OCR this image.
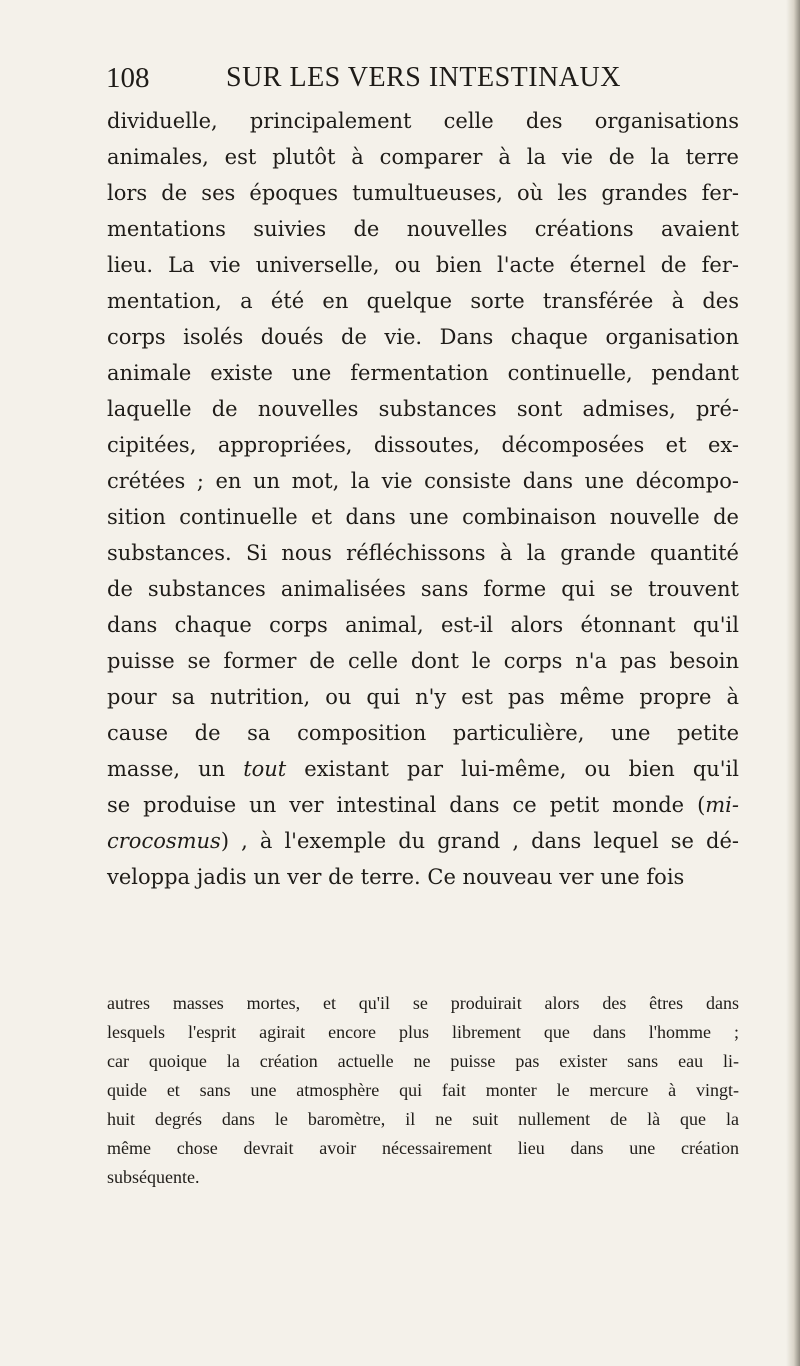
108	SUR LES VERS INTESTINAUX
dividuelle, principalement celle des organisations
animales, est plutôt à comparer à la vie de la terre
lors de ses époques tumultueuses, où les grandes fer-
mentations suivies de nouvelles créations avaient
lieu. La vie universelle, ou bien l'acte éternel de fer-
mentation, a été en quelque sorte transférée à des
corps isolés doués de vie. Dans chaque organisation
animale existe une fermentation continuelle, pendant
laquelle de nouvelles substances sont admises, pré-
cipitées, appropriées, dissoutes, décomposées et ex-
crétées ; en un mot, la vie consiste dans une décompo-
sition continuelle et dans une combinaison nouvelle de
substances. Si nous réfléchissons à la grande quantité
de substances animalisées sans forme qui se trouvent
dans chaque corps animal, est-il alors étonnant qu'il
puisse se former de celle dont le corps n'a pas besoin
pour sa nutrition, ou qui n'y est pas même propre à
cause de sa composition particulière, une petite
masse, un tout existant par lui-même, ou bien qu'il
se produise un ver intestinal dans ce petit monde (mi-
crocosmus) , à l'exemple du grand , dans lequel se dé-
veloppa jadis un ver de terre. Ce nouveau ver une fois
autres masses mortes, et qu'il se produirait alors des êtres dans
lesquels l'esprit agirait encore plus librement que dans l'homme ;
car quoique la création actuelle ne puisse pas exister sans eau li-
quide et sans une atmosphère qui fait monter le mercure à vingt-
huit degrés dans le baromètre, il ne suit nullement de là que la
même chose devrait avoir nécessairement lieu dans une création
subséquente.
